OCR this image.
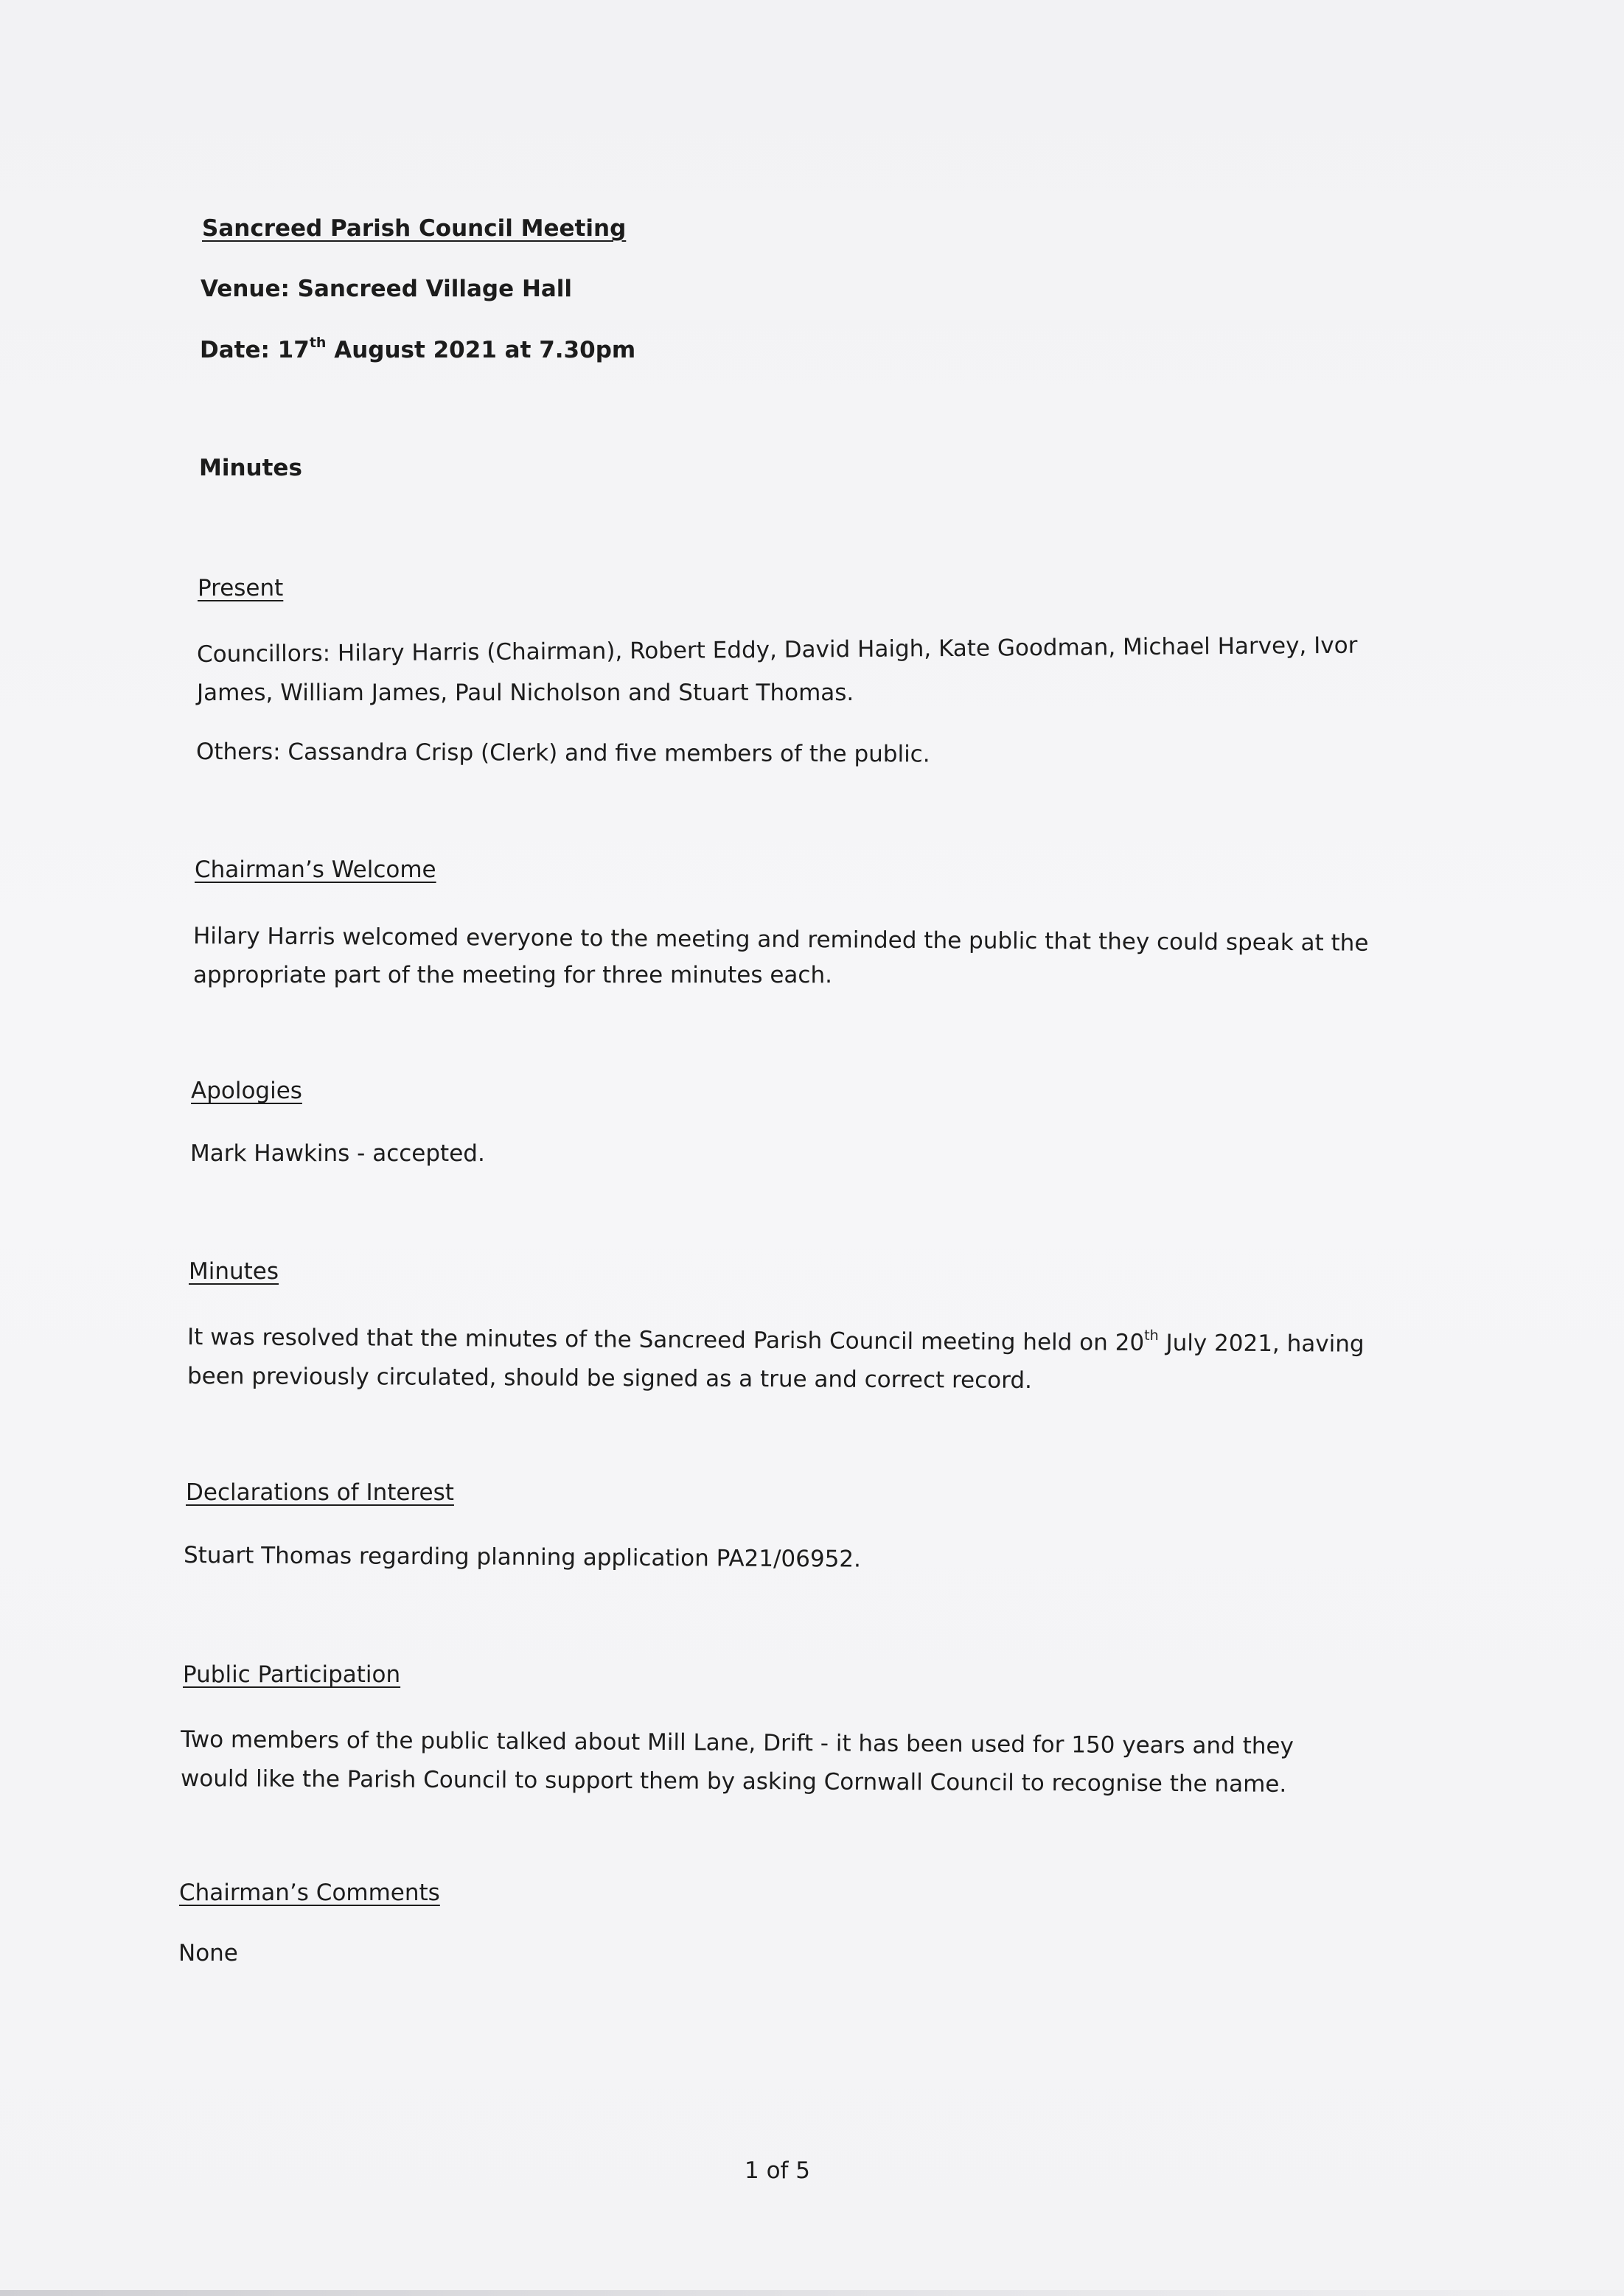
Sancreed Parish Council Meeting
Venue: Sancreed Village Hall
Date: 17th August 2021 at 7.30pm
Minutes
Present
Councillors: Hilary Harris (Chairman), Robert Eddy, David Haigh, Kate Goodman, Michael Harvey, Ivor
James, William James, Paul Nicholson and Stuart Thomas.
Others: Cassandra Crisp (Clerk) and five members of the public.
Chairman’s Welcome
Hilary Harris welcomed everyone to the meeting and reminded the public that they could speak at the
appropriate part of the meeting for three minutes each.
Apologies
Mark Hawkins - accepted.
Minutes
It was resolved that the minutes of the Sancreed Parish Council meeting held on 20th July 2021, having
been previously circulated, should be signed as a true and correct record.
Declarations of Interest
Stuart Thomas regarding planning application PA21/06952.
Public Participation
Two members of the public talked about Mill Lane, Drift - it has been used for 150 years and they
would like the Parish Council to support them by asking Cornwall Council to recognise the name.
Chairman’s Comments
None
1 of 5
